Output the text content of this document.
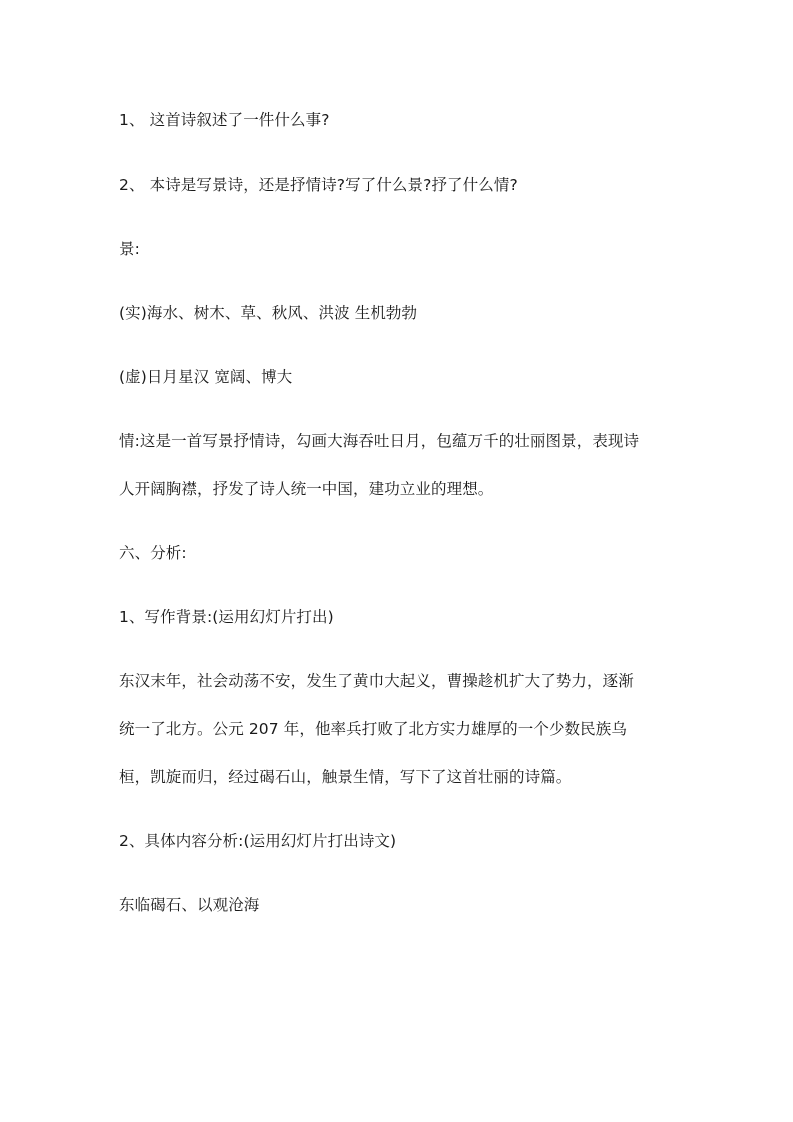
1、 这首诗叙述了一件什么事?
2、 本诗是写景诗，还是抒情诗?写了什么景?抒了什么情?
景:
(实)海水、树木、草、秋风、洪波 生机勃勃
(虚)日月星汉 宽阔、博大
情:这是一首写景抒情诗，勾画大海吞吐日月，包蕴万千的壮丽图景，表现诗
人开阔胸襟，抒发了诗人统一中国，建功立业的理想。
六、分析:
1、写作背景:(运用幻灯片打出)
东汉末年，社会动荡不安，发生了黄巾大起义，曹操趁机扩大了势力，逐渐
统一了北方。公元 207 年，他率兵打败了北方实力雄厚的一个少数民族乌
桓，凯旋而归，经过碣石山，触景生情，写下了这首壮丽的诗篇。
2、具体内容分析:(运用幻灯片打出诗文)
东临碣石、以观沧海
